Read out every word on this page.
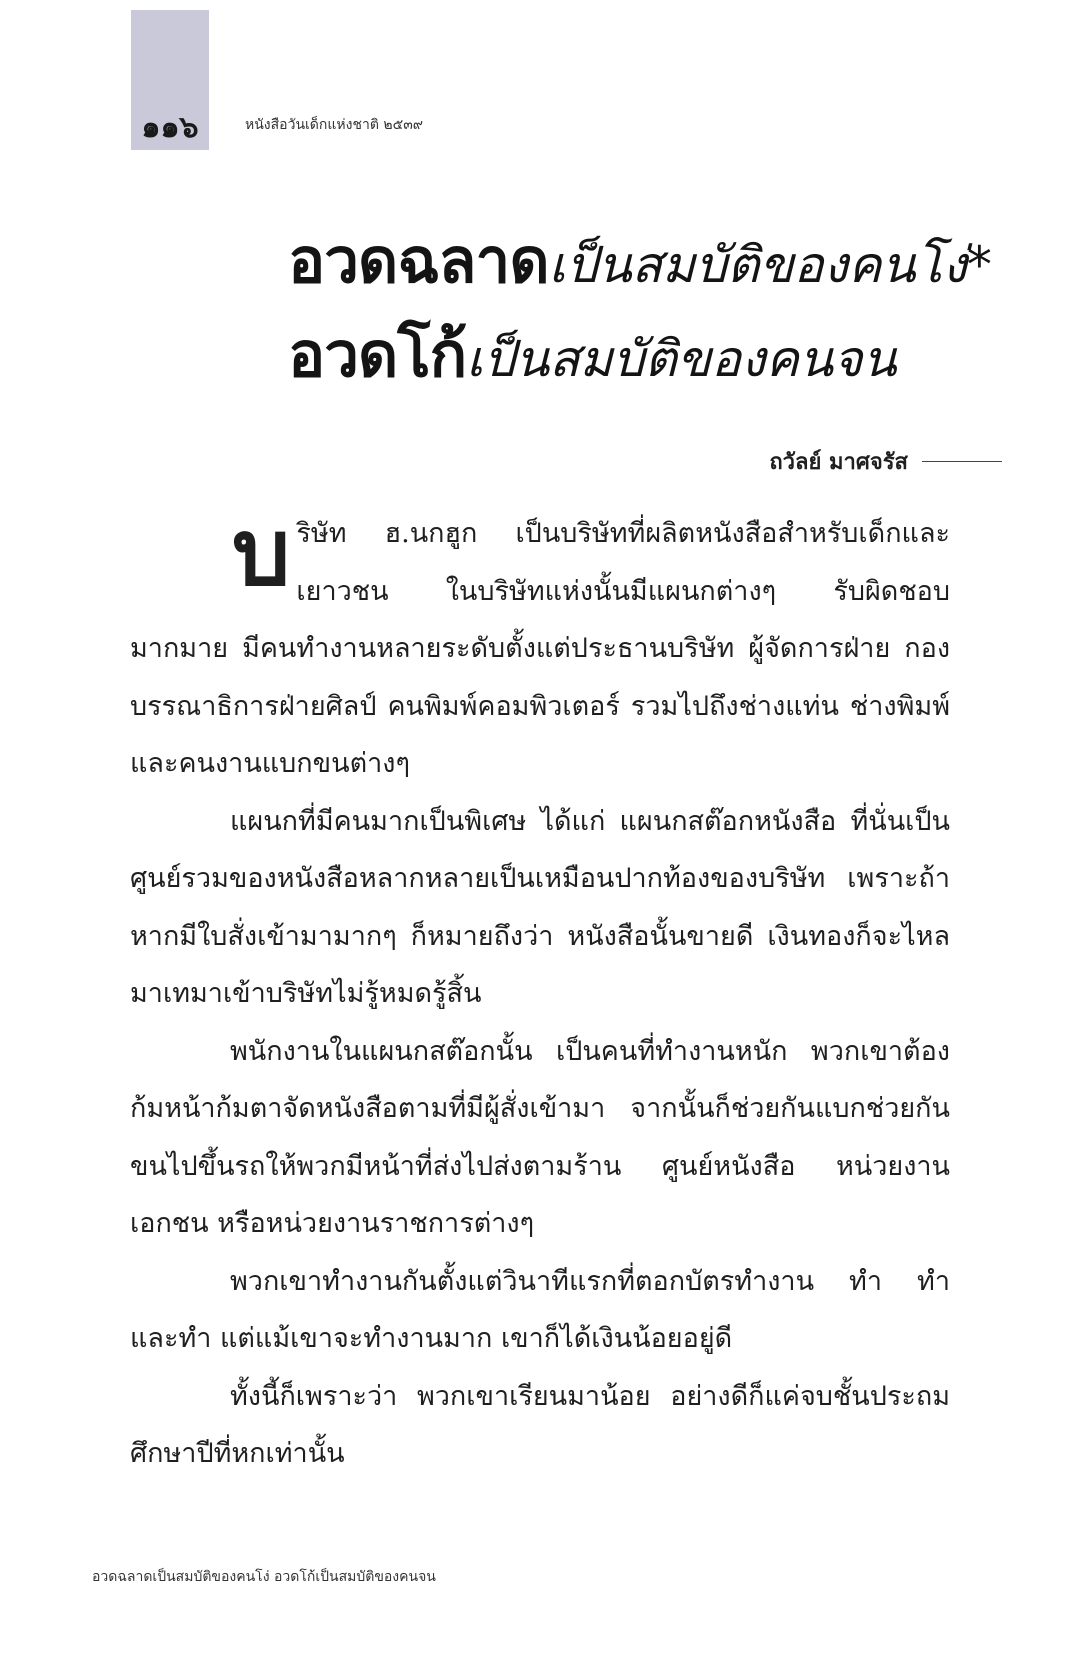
๑๑๖	หนังสือวันเด็กแห่งชาติ ๒๕๓๙
อวดฉลาดเป็นสมบัติของคนโง่*
อวดโก้เป็นสมบัติของคนจน
ถวัลย์ มาศจรัส

บริษัท ฮ.นกฮูก เป็นบริษัทที่ผลิตหนังสือสำหรับเด็กและเยาวชน ในบริษัทแห่งนั้นมีแผนกต่างๆ รับผิดชอบมากมาย มีคนทำงานหลายระดับตั้งแต่ประธานบริษัท ผู้จัดการฝ่าย กองบรรณาธิการฝ่ายศิลป์ คนพิมพ์คอมพิวเตอร์ รวมไปถึงช่างแท่น ช่างพิมพ์และคนงานแบกขนต่างๆ

แผนกที่มีคนมากเป็นพิเศษ ได้แก่ แผนกสต๊อกหนังสือ ที่นั่นเป็นศูนย์รวมของหนังสือหลากหลายเป็นเหมือนปากท้องของบริษัท เพราะถ้าหากมีใบสั่งเข้ามามากๆ ก็หมายถึงว่า หนังสือนั้นขายดี เงินทองก็จะไหลมาเทมาเข้าบริษัทไม่รู้หมดรู้สิ้น

พนักงานในแผนกสต๊อกนั้น เป็นคนที่ทำงานหนัก พวกเขาต้องก้มหน้าก้มตาจัดหนังสือตามที่มีผู้สั่งเข้ามา จากนั้นก็ช่วยกันแบกช่วยกันขนไปขึ้นรถให้พวกมีหน้าที่ส่งไปส่งตามร้าน ศูนย์หนังสือ หน่วยงานเอกชน หรือหน่วยงานราชการต่างๆ

พวกเขาทำงานกันตั้งแต่วินาทีแรกที่ตอกบัตรทำงาน ทำ ทำ และทำ แต่แม้เขาจะทำงานมาก เขาก็ได้เงินน้อยอยู่ดี

ทั้งนี้ก็เพราะว่า พวกเขาเรียนมาน้อย อย่างดีก็แค่จบชั้นประถมศึกษาปีที่หกเท่านั้น

อวดฉลาดเป็นสมบัติของคนโง่ อวดโก้เป็นสมบัติของคนจน
